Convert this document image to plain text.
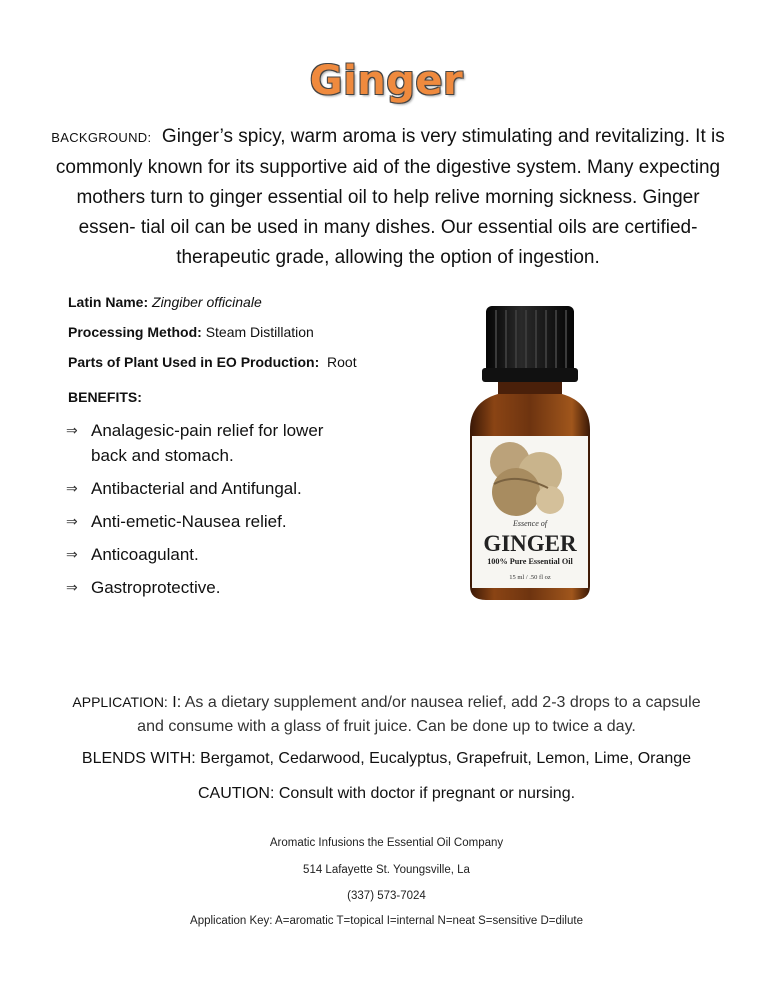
Ginger
BACKGROUND: Ginger’s spicy, warm aroma is very stimulating and revitalizing. It is commonly known for its supportive aid of the digestive system. Many expecting mothers turn to ginger essential oil to help relive morning sickness. Ginger essen- tial oil can be used in many dishes. Our essential oils are certified-therapeutic grade, allowing the option of ingestion.
Latin Name: Zingiber officinale
Processing Method: Steam Distillation
Parts of Plant Used in EO Production: Root
BENEFITS:
⇒ Analagesic-pain relief for lower back and stomach.
⇒ Antibacterial and Antifungal.
⇒ Anti-emetic-Nausea relief.
⇒ Anticoagulant.
⇒ Gastroprotective.
Essence of
GINGER
100% Pure Essential Oil
15 ml / .50 fl oz
APPLICATION: I: As a dietary supplement and/or nausea relief, add 2-3 drops to a capsule and consume with a glass of fruit juice. Can be done up to twice a day.
BLENDS WITH: Bergamot, Cedarwood, Eucalyptus, Grapefruit, Lemon, Lime, Orange
CAUTION: Consult with doctor if pregnant or nursing.
Aromatic Infusions the Essential Oil Company
514 Lafayette St. Youngsville, La
(337) 573-7024
Application Key: A=aromatic T=topical I=internal N=neat S=sensitive D=dilute
